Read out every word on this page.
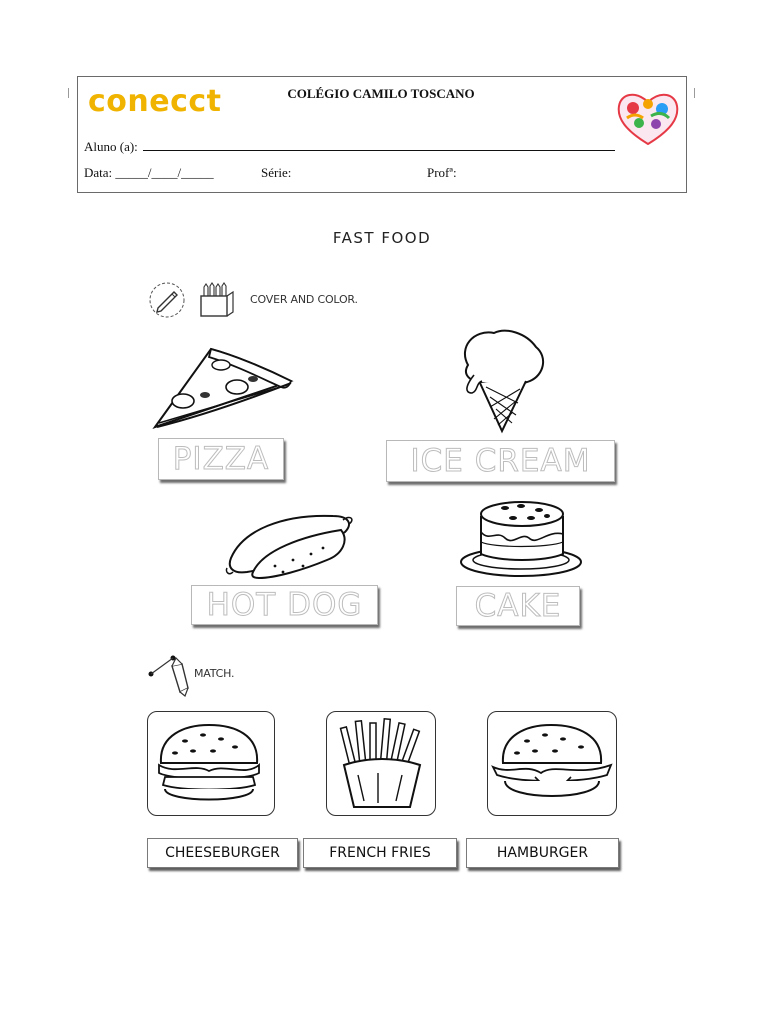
conecct	COLÉGIO CAMILO TOSCANO
Aluno (a):
Data: _____/____/_____	Série:	Profª:
FAST FOOD
COVER AND COLOR.
PIZZA	ICE CREAM
HOT DOG	CAKE
MATCH.
CHEESEBURGER	FRENCH FRIES	HAMBURGER
